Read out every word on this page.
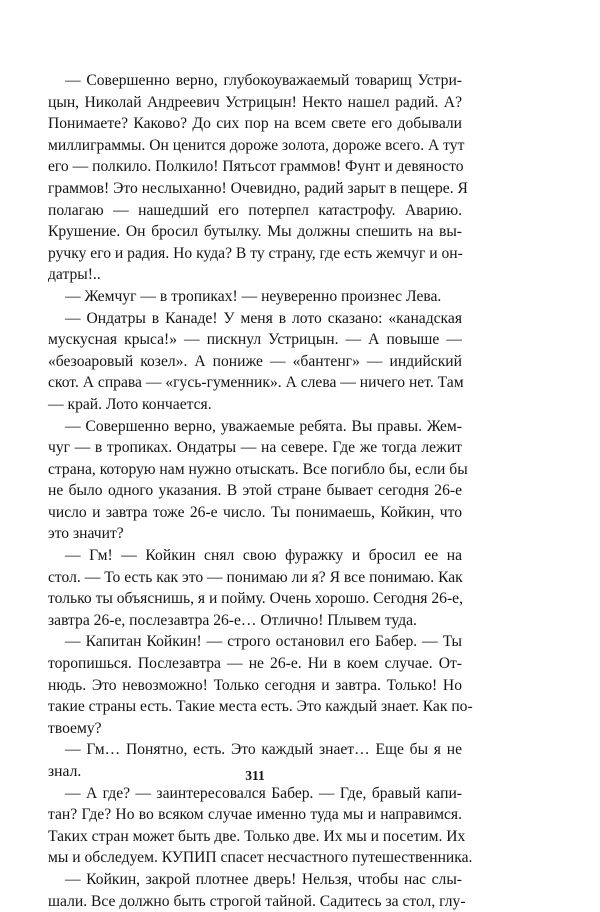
— Совершенно верно, глубокоуважаемый товарищ Устри-
цын, Николай Андреевич Устрицын! Некто нашел радий. А?
Понимаете? Каково? До сих пор на всем свете его добывали
миллиграммы. Он ценится дороже золота, дороже всего. А тут
его — полкило. Полкило! Пятьсот граммов! Фунт и девяносто
граммов! Это неслыханно! Очевидно, радий зарыт в пещере. Я
полагаю — нашедший его потерпел катастрофу. Аварию.
Крушение. Он бросил бутылку. Мы должны спешить на вы-
ручку его и радия. Но куда? В ту страну, где есть жемчуг и он-
датры!..
— Жемчуг — в тропиках! — неуверенно произнес Лева.
— Ондатры в Канаде! У меня в лото сказано: «канадская
мускусная крыса!» — пискнул Устрицын. — А повыше —
«безоаровый козел». А пониже — «бантенг» — индийский
скот. А справа — «гусь-гуменник». А слева — ничего нет. Там
— край. Лото кончается.
— Совершенно верно, уважаемые ребята. Вы правы. Жем-
чуг — в тропиках. Ондатры — на севере. Где же тогда лежит
страна, которую нам нужно отыскать. Все погибло бы, если бы
не было одного указания. В этой стране бывает сегодня 26-е
число и завтра тоже 26-е число. Ты понимаешь, Койкин, что
это значит?
— Гм! — Койкин снял свою фуражку и бросил ее на
стол. — То есть как это — понимаю ли я? Я все понимаю. Как
только ты объяснишь, я и пойму. Очень хорошо. Сегодня 26-е,
завтра 26-е, послезавтра 26-е… Отлично! Плывем туда.
— Капитан Койкин! — строго остановил его Бабер. — Ты
торопишься. Послезавтра — не 26-е. Ни в коем случае. От-
нюдь. Это невозможно! Только сегодня и завтра. Только! Но
такие страны есть. Такие места есть. Это каждый знает. Как по-
твоему?
— Гм… Понятно, есть. Это каждый знает… Еще бы я не
знал.
— А где? — заинтересовался Бабер. — Где, бравый капи-
тан? Где? Но во всяком случае именно туда мы и направимся.
Таких стран может быть две. Только две. Их мы и посетим. Их
мы и обследуем. КУПИП спасет несчастного путешественника.
— Койкин, закрой плотнее дверь! Нельзя, чтобы нас слы-
шали. Все должно быть строгой тайной. Садитесь за стол, глу-
311
